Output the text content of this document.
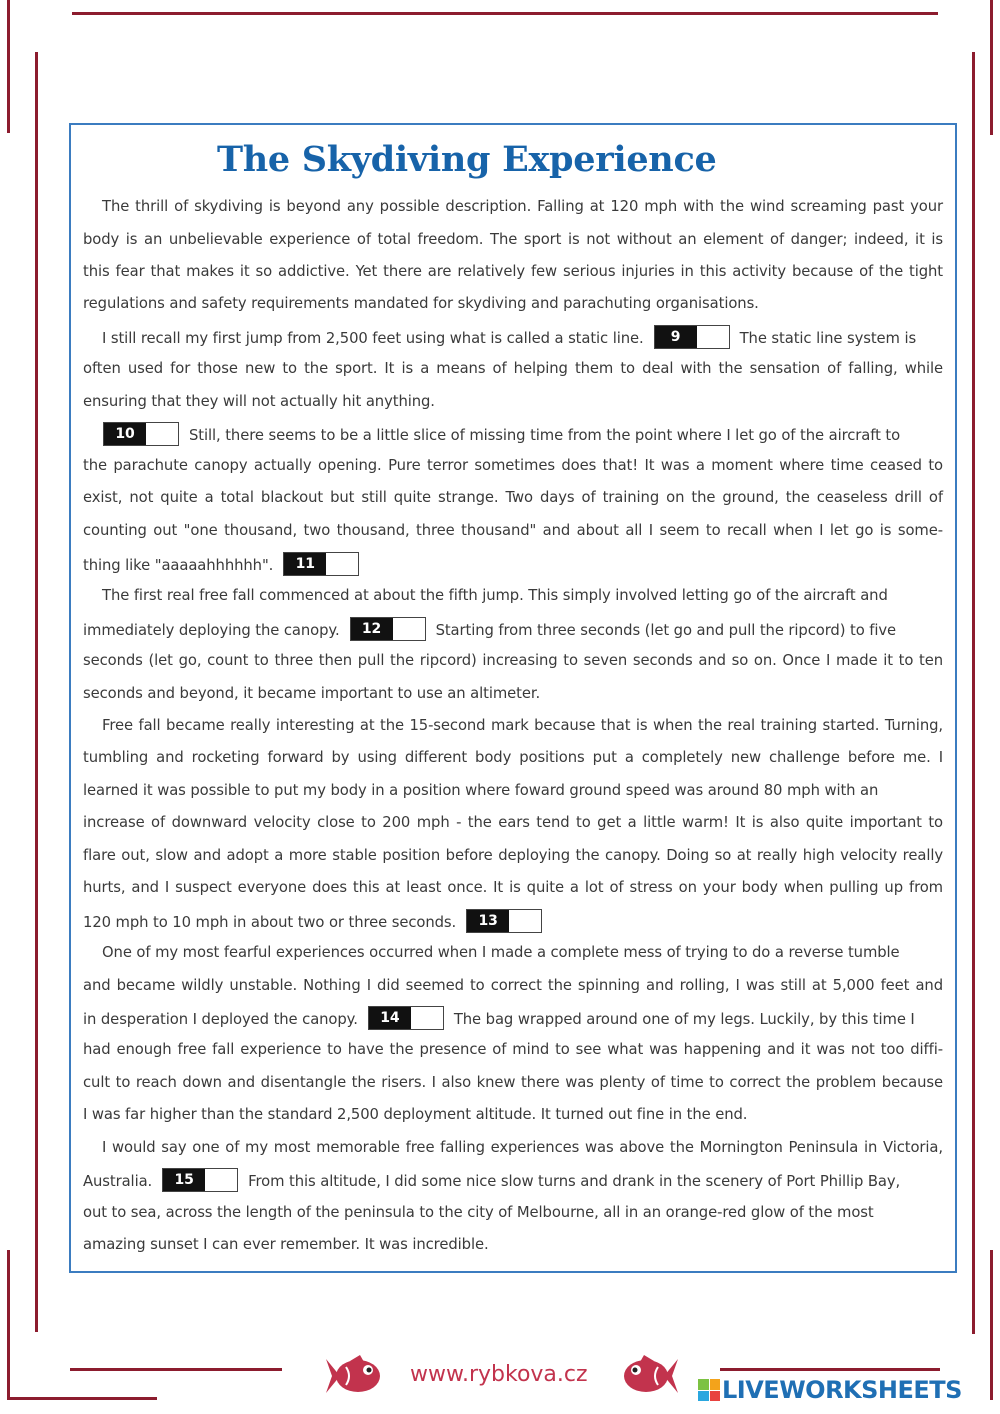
The Skydiving Experience
The thrill of skydiving is beyond any possible description. Falling at 120 mph with the wind screaming past your
body is an unbelievable experience of total freedom. The sport is not without an element of danger; indeed, it is
this fear that makes it so addictive. Yet there are relatively few serious injuries in this activity because of the tight
regulations and safety requirements mandated for skydiving and parachuting organisations.
I still recall my first jump from 2,500 feet using what is called a static line. 9	The static line system is
often used for those new to the sport. It is a means of helping them to deal with the sensation of falling, while
ensuring that they will not actually hit anything.
10	Still, there seems to be a little slice of missing time from the point where I let go of the aircraft to
the parachute canopy actually opening. Pure terror sometimes does that! It was a moment where time ceased to
exist, not quite a total blackout but still quite strange. Two days of training on the ground, the ceaseless drill of
counting out "one thousand, two thousand, three thousand" and about all I seem to recall when I let go is some-
thing like "aaaaahhhhhh". 11
The first real free fall commenced at about the fifth jump. This simply involved letting go of the aircraft and
immediately deploying the canopy. 12	Starting from three seconds (let go and pull the ripcord) to five
seconds (let go, count to three then pull the ripcord) increasing to seven seconds and so on. Once I made it to ten
seconds and beyond, it became important to use an altimeter.
Free fall became really interesting at the 15-second mark because that is when the real training started. Turning,
tumbling and rocketing forward by using different body positions put a completely new challenge before me. I
learned it was possible to put my body in a position where foward ground speed was around 80 mph with an
increase of downward velocity close to 200 mph - the ears tend to get a little warm! It is also quite important to
flare out, slow and adopt a more stable position before deploying the canopy. Doing so at really high velocity really
hurts, and I suspect everyone does this at least once. It is quite a lot of stress on your body when pulling up from
120 mph to 10 mph in about two or three seconds. 13
One of my most fearful experiences occurred when I made a complete mess of trying to do a reverse tumble
and became wildly unstable. Nothing I did seemed to correct the spinning and rolling, I was still at 5,000 feet and
in desperation I deployed the canopy. 14	The bag wrapped around one of my legs. Luckily, by this time I
had enough free fall experience to have the presence of mind to see what was happening and it was not too diffi-
cult to reach down and disentangle the risers. I also knew there was plenty of time to correct the problem because
I was far higher than the standard 2,500 deployment altitude. It turned out fine in the end.
I would say one of my most memorable free falling experiences was above the Mornington Peninsula in Victoria,
Australia. 15	From this altitude, I did some nice slow turns and drank in the scenery of Port Phillip Bay,
out to sea, across the length of the peninsula to the city of Melbourne, all in an orange-red glow of the most
amazing sunset I can ever remember. It was incredible.
www.rybkova.cz
LIVEWORKSHEETS
